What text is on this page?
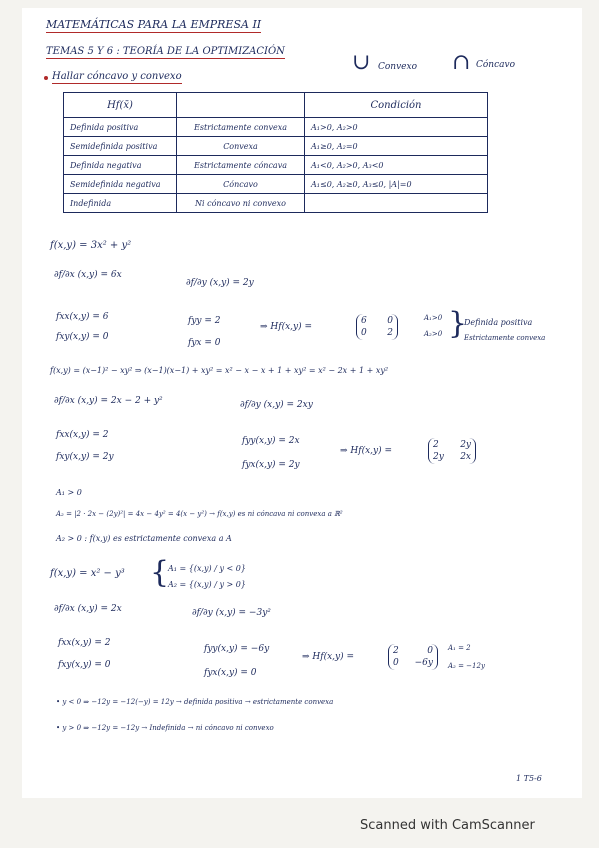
MATEMÁTICAS PARA LA EMPRESA II
TEMAS 5 Y 6 : TEORÍA DE LA OPTIMIZACIÓN
Hallar cóncavo y convexo
∪ Convexo ∩ Cóncavo
Hf(x̄)		Condición
Definida positiva	Estrictamente convexa	A₁>0, A₂>0
Semidefinida positiva	Convexa	A₁≥0, A₂=0
Definida negativa	Estrictamente cóncava	A₁<0, A₂>0, A₃<0
Semidefinida negativa	Cóncavo	A₁≤0, A₂≥0, A₃≤0, |A|=0
Indefinida	Ni cóncavo ni convexo	
f(x,y) = 3x² + y²
∂f/∂x (x,y) = 6x
∂f/∂y (x,y) = 2y
fxx(x,y) = 6
fxy(x,y) = 0
fyy = 2
fyx = 0
⇒ Hf(x,y) =
6 0
0 2
A₁>0
A₂>0 }
Definida positiva
Estrictamente convexa
f(x,y) = (x−1)² − xy² ⇒ (x−1)(x−1) + xy² = x² − x − x + 1 + xy² = x² − 2x + 1 + xy²
∂f/∂x (x,y) = 2x − 2 + y²	∂f/∂y (x,y) = 2xy
fxx(x,y) = 2
fxy(x,y) = 2y
fyy(x,y) = 2x
fyx(x,y) = 2y
⇒ Hf(x,y) =
2 2y
2y 2x
A₁ > 0
A₂ = |2 · 2x − (2y)²| = 4x − 4y² = 4(x − y²) → f(x,y) es ni cóncava ni convexa a ℝ²
A₂ > 0 : f(x,y) es estrictamente convexa a A
f(x,y) = x² − y³ {
A₁ = {(x,y) / y < 0}
A₂ = {(x,y) / y > 0}
∂f/∂x (x,y) = 2x	∂f/∂y (x,y) = −3y²
fxx(x,y) = 2
fxy(x,y) = 0
fyy(x,y) = −6y
fyx(x,y) = 0
⇒ Hf(x,y) =
2	0
0 −6y
A₁ = 2
A₂ = −12y
• y < 0 ⇒ −12y = −12(−y) = 12y → definida positiva → estrictamente convexa
• y > 0 ⇒ −12y = −12y → Indefinida → ni cóncavo ni convexo
1 T5-6
Scanned with CamScanner
